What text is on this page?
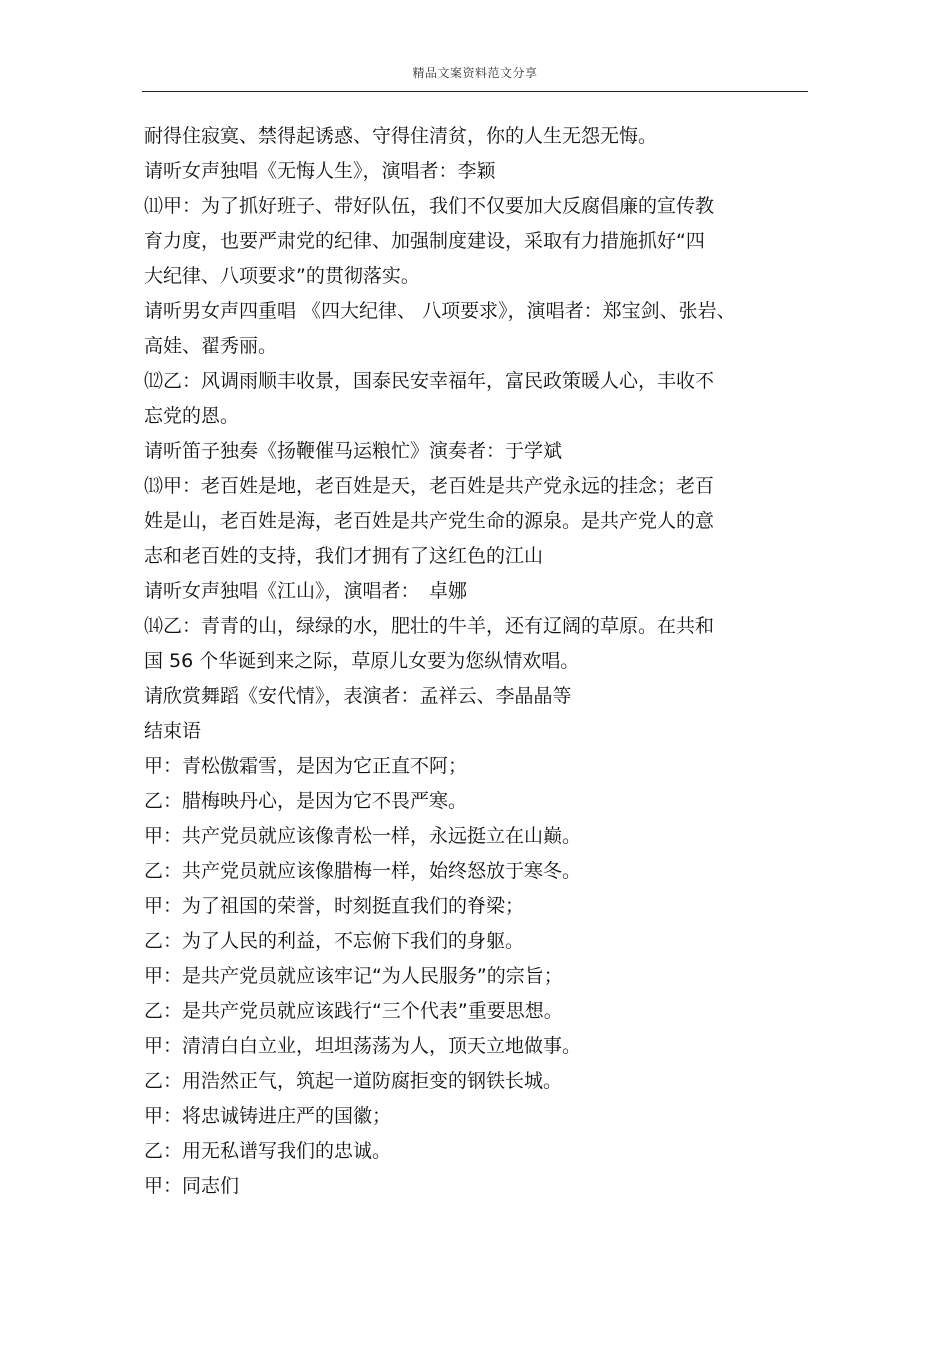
精品文案资料范文分享
耐得住寂寞、禁得起诱惑、守得住清贫，你的人生无怨无悔。
请听女声独唱《无悔人生》，演唱者：李颖
⑾甲：为了抓好班子、带好队伍，我们不仅要加大反腐倡廉的宣传教
育力度，也要严肃党的纪律、加强制度建设，采取有力措施抓好“四
大纪律、八项要求”的贯彻落实。
请听男女声四重唱 《四大纪律、 八项要求》，演唱者：郑宝剑、张岩、
高娃、翟秀丽。
⑿乙：风调雨顺丰收景，国泰民安幸福年，富民政策暖人心，丰收不
忘党的恩。
请听笛子独奏《扬鞭催马运粮忙》演奏者：于学斌
⒀甲：老百姓是地，老百姓是天，老百姓是共产党永远的挂念；老百
姓是山，老百姓是海，老百姓是共产党生命的源泉。是共产党人的意
志和老百姓的支持，我们才拥有了这红色的江山
请听女声独唱《江山》，演唱者：　卓娜
⒁乙：青青的山，绿绿的水，肥壮的牛羊，还有辽阔的草原。在共和
国 56 个华诞到来之际，草原儿女要为您纵情欢唱。
请欣赏舞蹈《安代情》，表演者：孟祥云、李晶晶等
结束语
甲：青松傲霜雪，是因为它正直不阿；
乙：腊梅映丹心，是因为它不畏严寒。
甲：共产党员就应该像青松一样，永远挺立在山巅。
乙：共产党员就应该像腊梅一样，始终怒放于寒冬。
甲：为了祖国的荣誉，时刻挺直我们的脊梁；
乙：为了人民的利益，不忘俯下我们的身躯。
甲：是共产党员就应该牢记“为人民服务”的宗旨；
乙：是共产党员就应该践行“三个代表”重要思想。
甲：清清白白立业，坦坦荡荡为人，顶天立地做事。
乙：用浩然正气，筑起一道防腐拒变的钢铁长城。
甲：将忠诚铸进庄严的国徽；
乙：用无私谱写我们的忠诚。
甲：同志们
